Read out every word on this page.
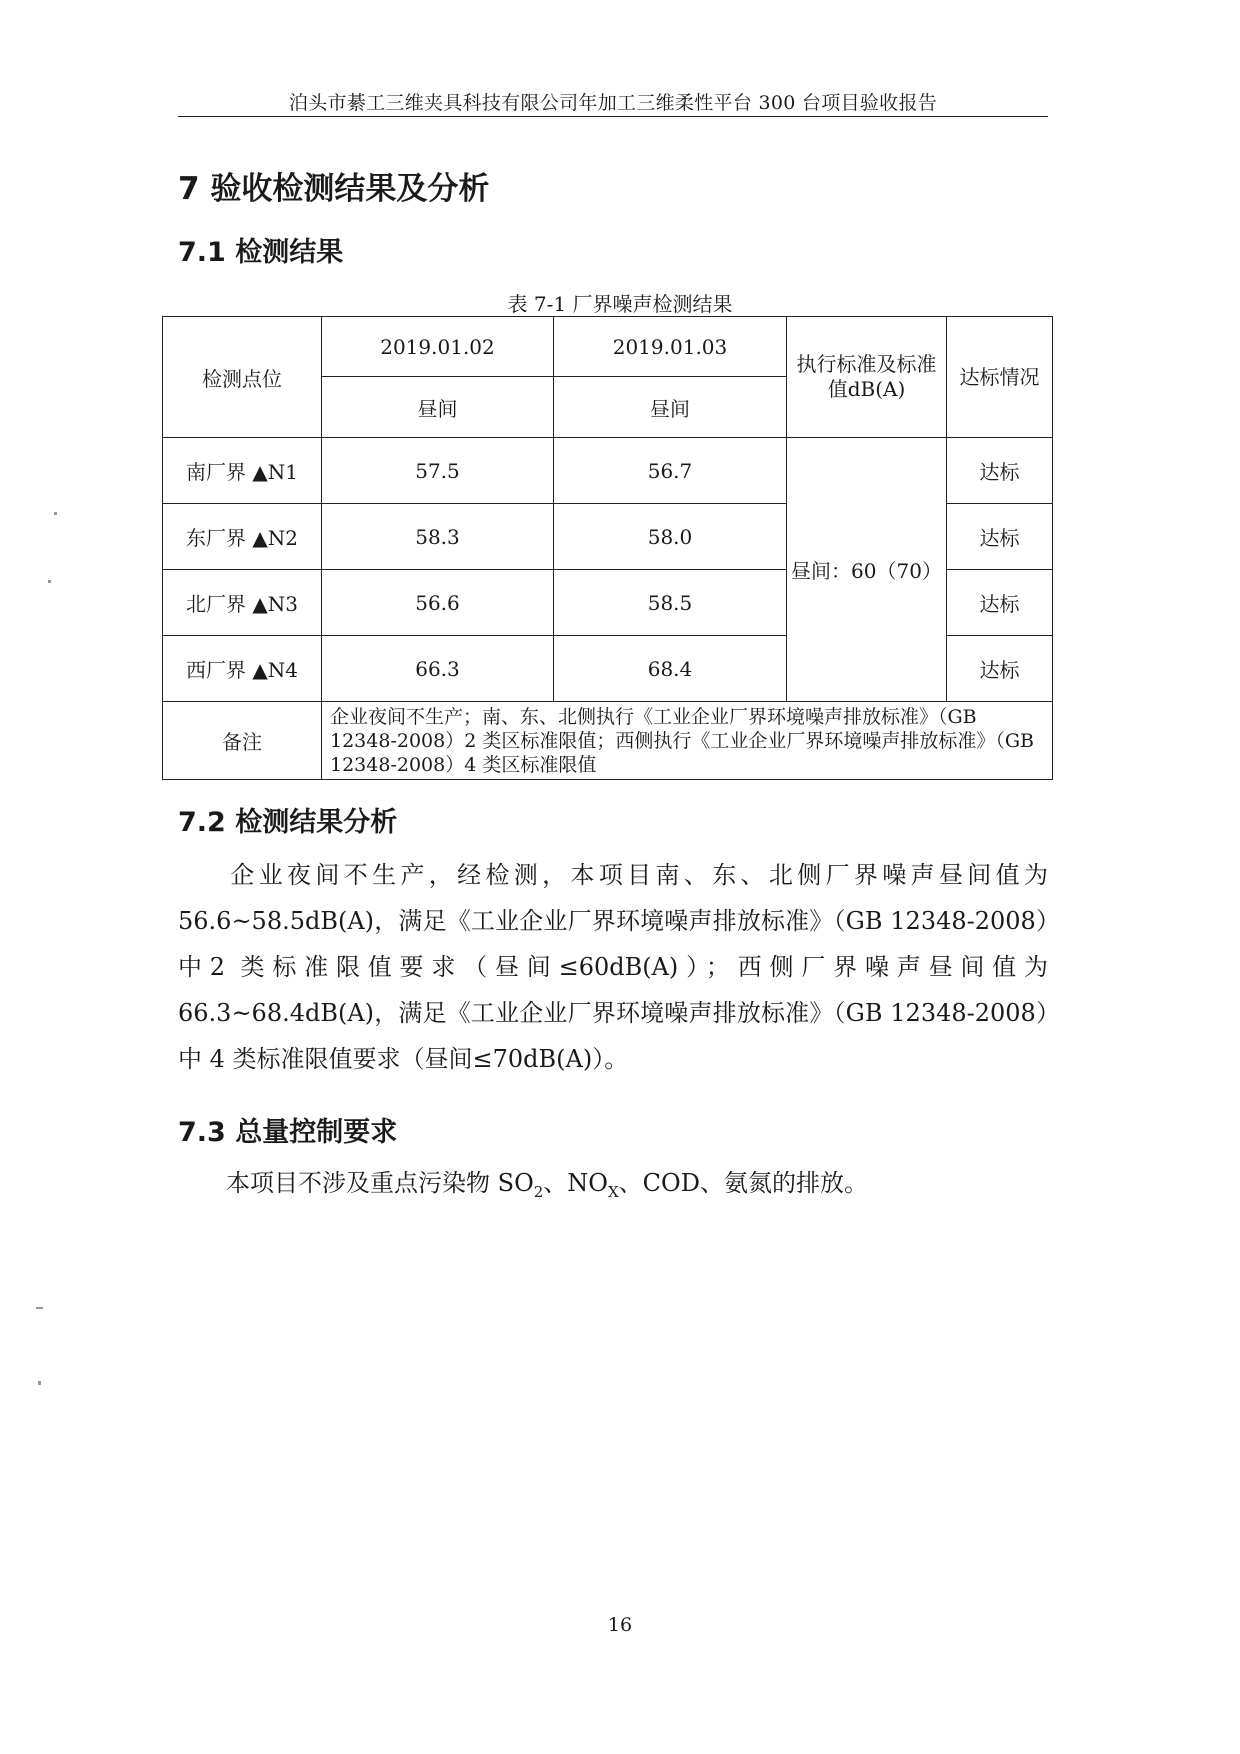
泊头市綦工三维夹具科技有限公司年加工三维柔性平台 300 台项目验收报告
7 验收检测结果及分析
7.1 检测结果
表 7-1 厂界噪声检测结果
检测点位	2019.01.02	2019.01.03	执行标准及标准值dB(A)	达标情况
	昼间	昼间		
南厂界 ▲N1	57.5	56.7	昼间：60（70）	达标
东厂界 ▲N2	58.3	58.0		达标
北厂界 ▲N3	56.6	58.5		达标
西厂界 ▲N4	66.3	68.4		达标
备注	企业夜间不生产；南、东、北侧执行《工业企业厂界环境噪声排放标准》（GB 12348-2008）2 类区标准限值；西侧执行《工业企业厂界环境噪声排放标准》（GB 12348-2008）4 类区标准限值			
7.2 检测结果分析
企业夜间不生产，经检测，本项目南、东、北侧厂界噪声昼间值为56.6~58.5dB(A)，满足《工业企业厂界环境噪声排放标准》（GB 12348-2008）中2 类标准限值要求（昼间≤60dB(A)）；西侧厂界噪声昼间值为 66.3~68.4dB(A)，满足《工业企业厂界环境噪声排放标准》（GB 12348-2008）中 4 类标准限值要求（昼间≤70dB(A)）。
7.3 总量控制要求
本项目不涉及重点污染物 $SO_2$、$NO_X$、COD、氨氮的排放。
16
